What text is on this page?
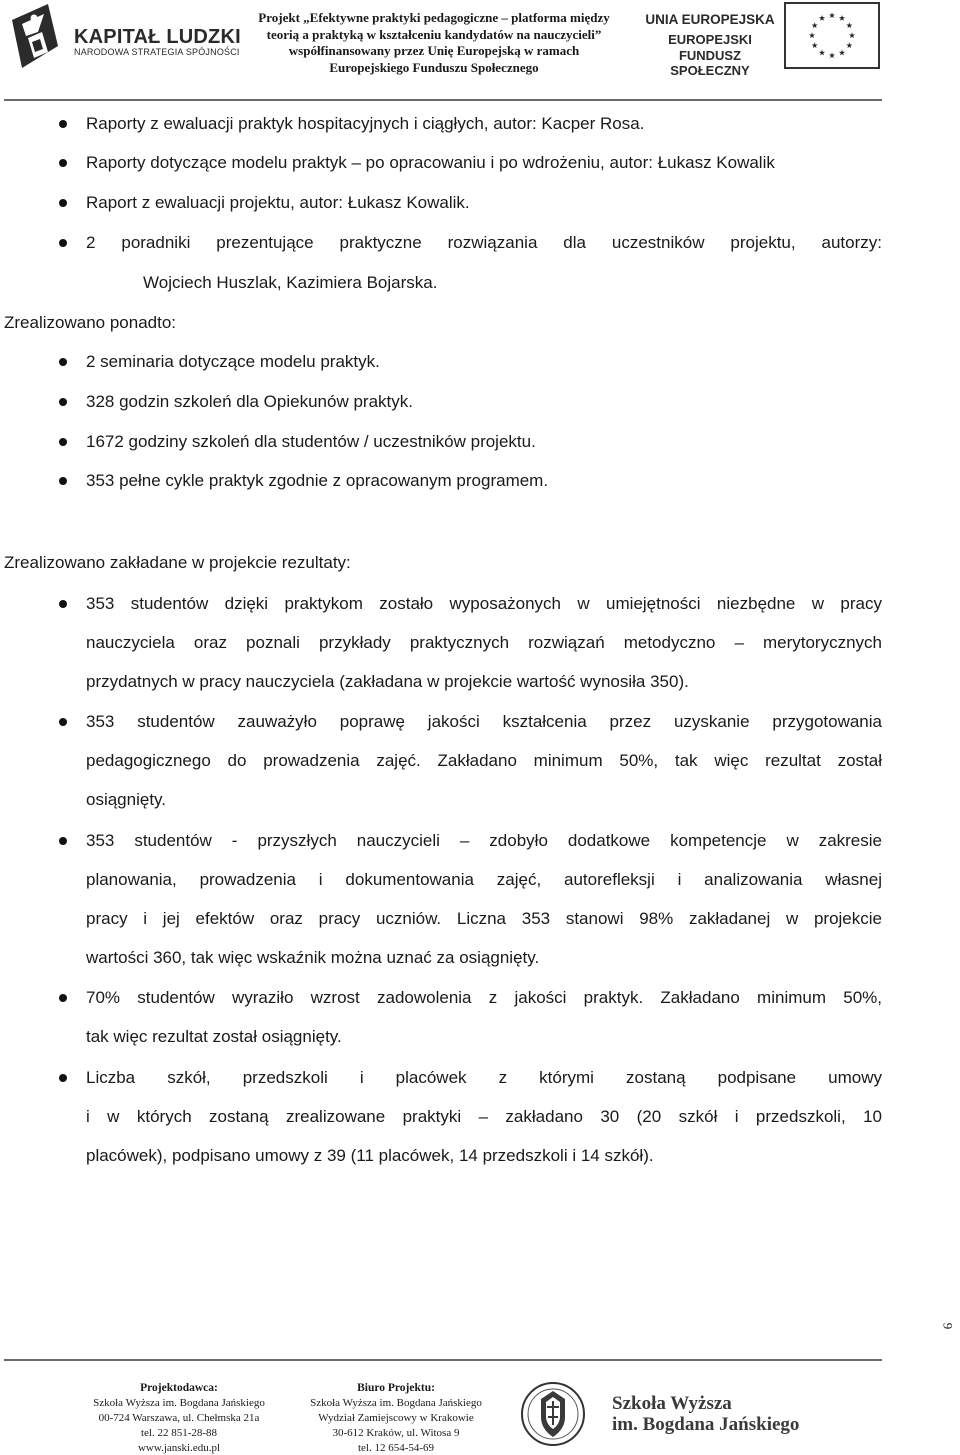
KAPITAŁ LUDZKI
NARODOWA STRATEGIA SPÓJNOŚCI
Projekt „Efektywne praktyki pedagogiczne – platforma między
teorią a praktyką w kształceniu kandydatów na nauczycieli”
współfinansowany przez Unię Europejską w ramach
Europejskiego Funduszu Społecznego
UNIA EUROPEJSKA
EUROPEJSKI
FUNDUSZ SPOŁECZNY
Raporty z ewaluacji praktyk hospitacyjnych i ciągłych, autor: Kacper Rosa.
Raporty dotyczące modelu praktyk – po opracowaniu i po wdrożeniu, autor: Łukasz Kowalik
Raport z ewaluacji projektu, autor: Łukasz Kowalik.
2 poradniki prezentujące praktyczne rozwiązania dla uczestników projektu, autorzy:
Wojciech Huszlak, Kazimiera Bojarska.
Zrealizowano ponadto:
2 seminaria dotyczące modelu praktyk.
328 godzin szkoleń dla Opiekunów praktyk.
1672 godziny szkoleń dla studentów / uczestników projektu.
353 pełne cykle praktyk zgodnie z opracowanym programem.
Zrealizowano zakładane w projekcie rezultaty:
353 studentów dzięki praktykom zostało wyposażonych w umiejętności niezbędne w pracy
nauczyciela oraz poznali przykłady praktycznych rozwiązań metodyczno – merytorycznych
przydatnych w pracy nauczyciela (zakładana w projekcie wartość wynosiła 350).
353 studentów zauważyło poprawę jakości kształcenia przez uzyskanie przygotowania
pedagogicznego do prowadzenia zajęć. Zakładano minimum 50%, tak więc rezultat został
osiągnięty.
353 studentów - przyszłych nauczycieli – zdobyło dodatkowe kompetencje w zakresie
planowania, prowadzenia i dokumentowania zajęć, autorefleksji i analizowania własnej
pracy i jej efektów oraz pracy uczniów. Liczna 353 stanowi 98% zakładanej w projekcie
wartości 360, tak więc wskaźnik można uznać za osiągnięty.
70% studentów wyraziło wzrost zadowolenia z jakości praktyk. Zakładano minimum 50%,
tak więc rezultat został osiągnięty.
Liczba szkół, przedszkoli i placówek z którymi zostaną podpisane umowy
i w których zostaną zrealizowane praktyki – zakładano 30 (20 szkół i przedszkoli, 10
placówek), podpisano umowy z 39 (11 placówek, 14 przedszkoli i 14 szkół).
9
Projektodawca:
Szkoła Wyższa im. Bogdana Jańskiego
00-724 Warszawa, ul. Chełmska 21a
tel. 22 851-28-88
www.janski.edu.pl
Biuro Projektu:
Szkoła Wyższa im. Bogdana Jańskiego
Wydział Zamiejscowy w Krakowie
30-612 Kraków, ul. Witosa 9
tel. 12 654-54-69
Szkoła Wyższa
im. Bogdana Jańskiego
